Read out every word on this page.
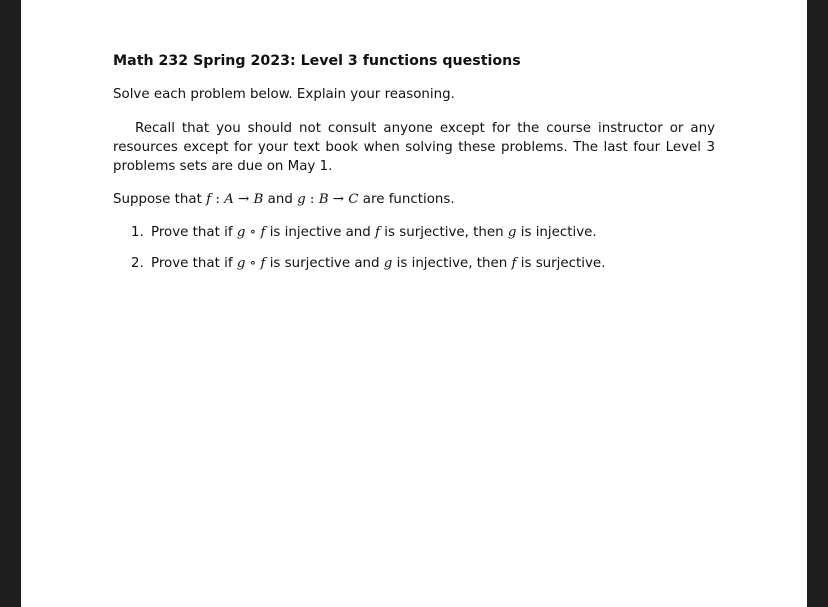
Math 232 Spring 2023: Level 3 functions questions
Solve each problem below. Explain your reasoning.
Recall that you should not consult anyone except for the course instructor or any resources except for your text book when solving these problems. The last four Level 3 problems sets are due on May 1.
Suppose that f : A → B and g : B → C are functions.
1. Prove that if g ∘ f is injective and f is surjective, then g is injective.
2. Prove that if g ∘ f is surjective and g is injective, then f is surjective.
